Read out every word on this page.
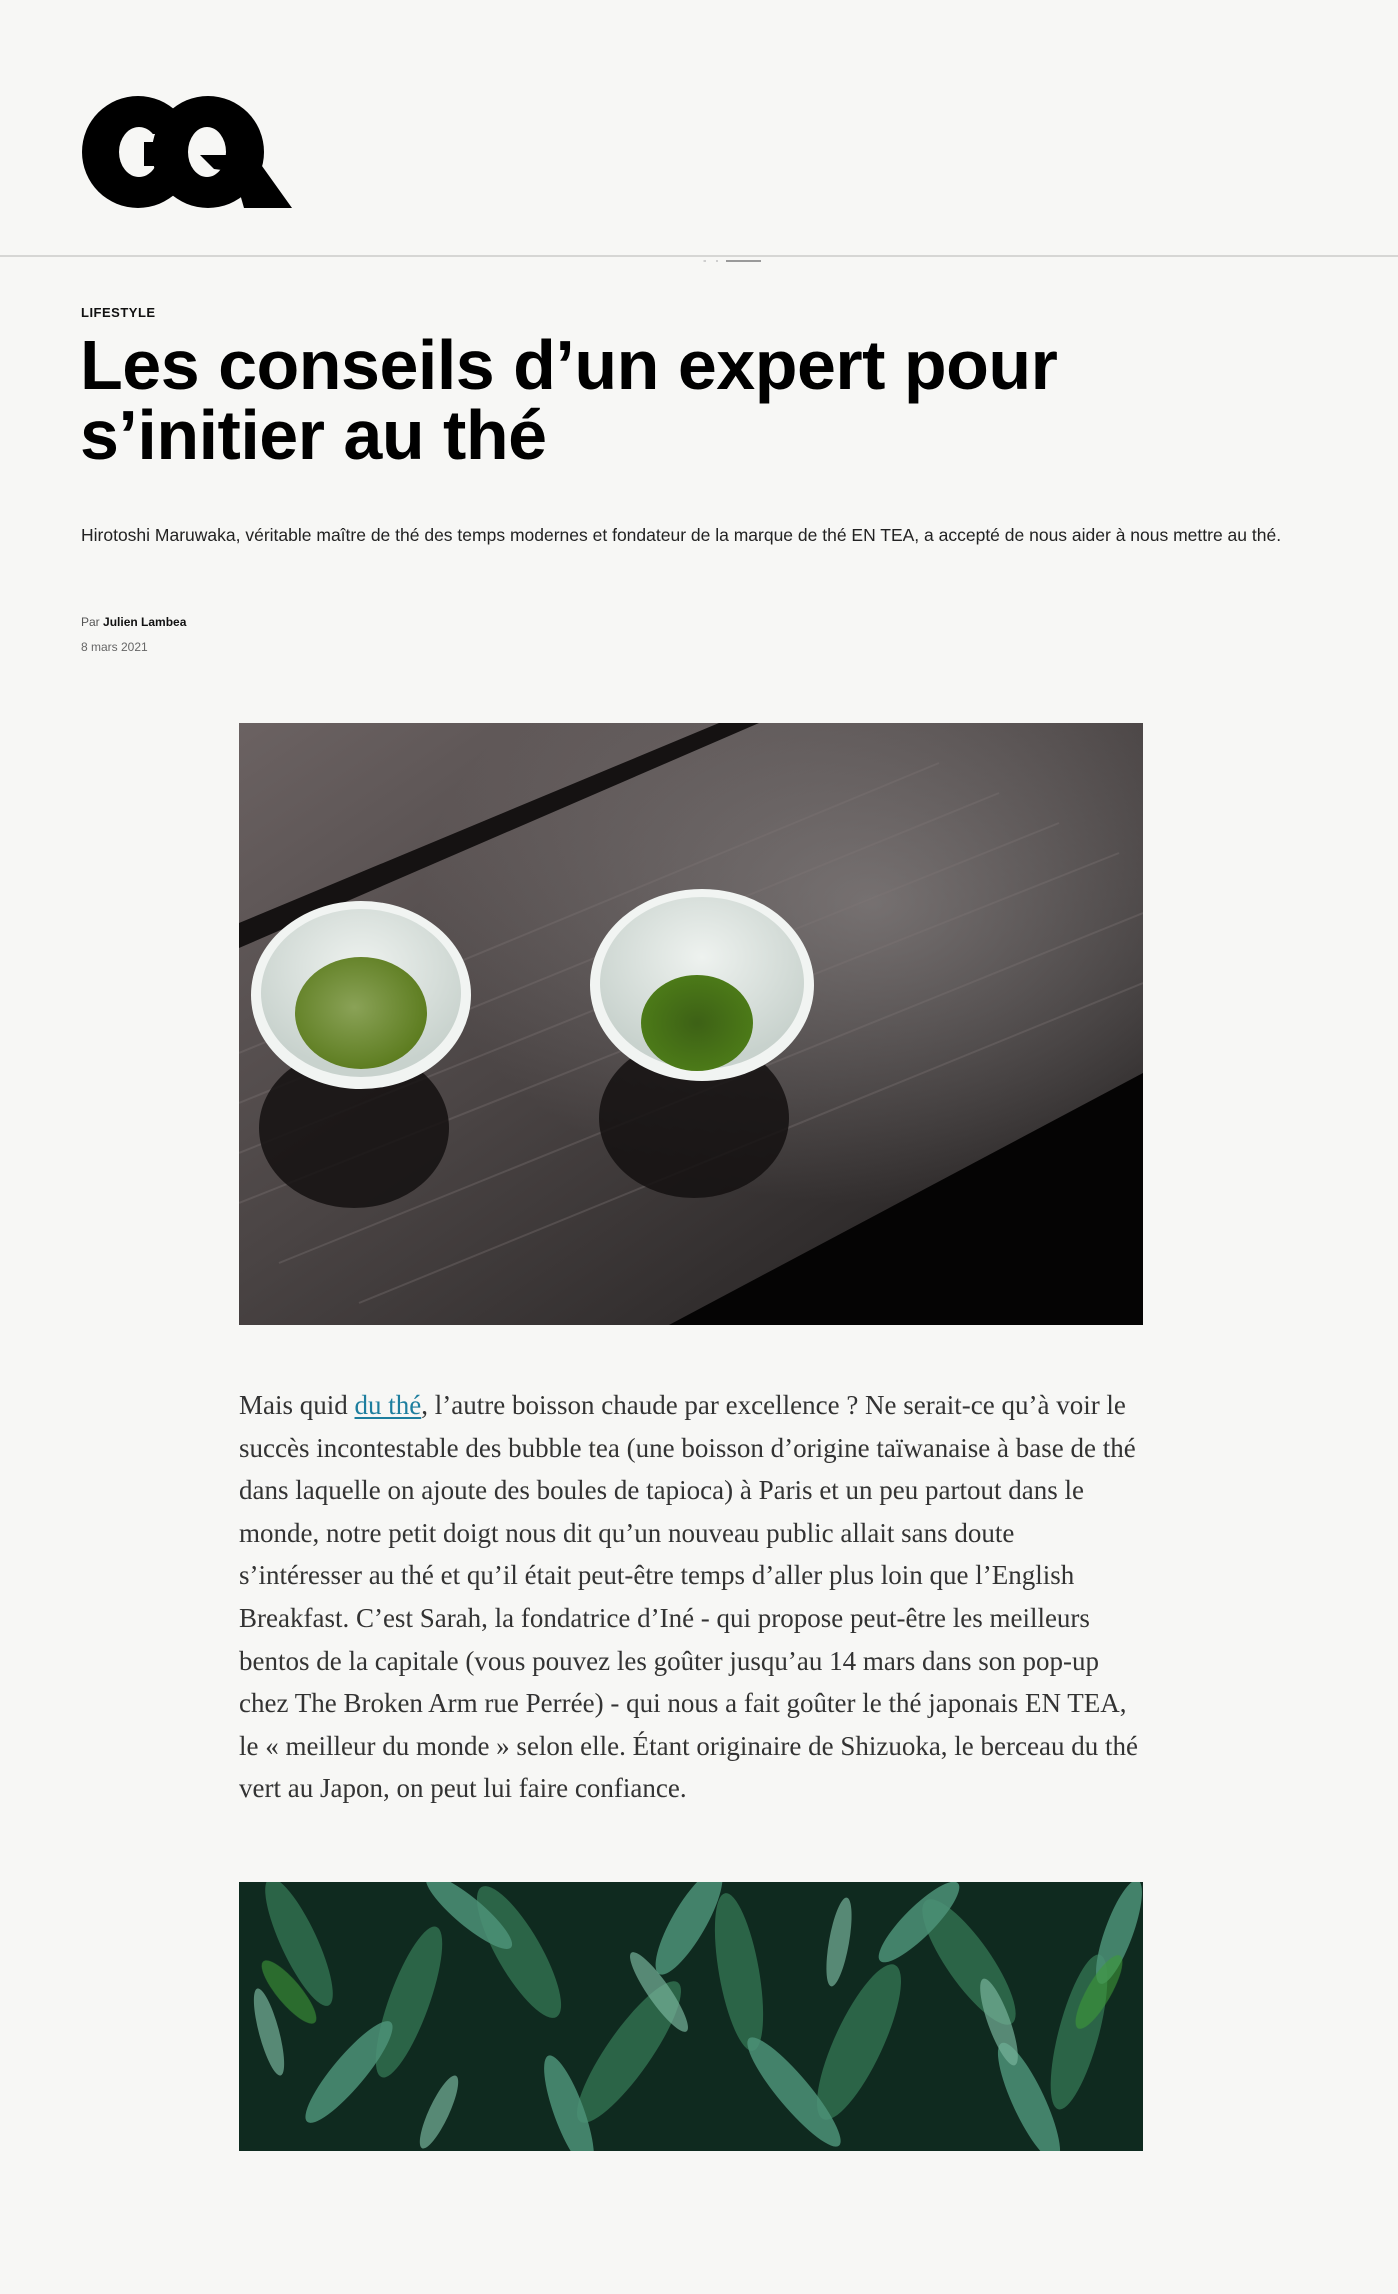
LIFESTYLE
Les conseils d’un expert pour
s’initier au thé

Hirotoshi Maruwaka, véritable maître de thé des temps modernes et fondateur de la marque de thé EN TEA, a accepté de nous aider à nous mettre au thé.

Par Julien Lambea
8 mars 2021

Mais quid du thé, l’autre boisson chaude par excellence ? Ne serait-ce qu’à voir le succès incontestable des bubble tea (une boisson d’origine taïwanaise à base de thé dans laquelle on ajoute des boules de tapioca) à Paris et un peu partout dans le monde, notre petit doigt nous dit qu’un nouveau public allait sans doute s’intéresser au thé et qu’il était peut-être temps d’aller plus loin que l’English Breakfast. C’est Sarah, la fondatrice d’Iné - qui propose peut-être les meilleurs bentos de la capitale (vous pouvez les goûter jusqu’au 14 mars dans son pop-up chez The Broken Arm rue Perrée) - qui nous a fait goûter le thé japonais EN TEA, le « meilleur du monde » selon elle. Étant originaire de Shizuoka, le berceau du thé vert au Japon, on peut lui faire confiance.
